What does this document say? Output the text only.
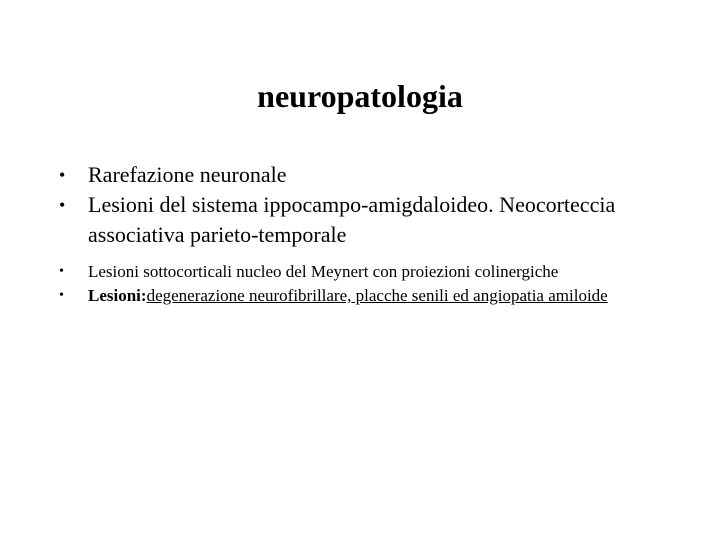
neuropatologia
• Rarefazione neuronale
• Lesioni del sistema ippocampo-amigdaloideo. Neocorteccia associativa parieto-temporale
• Lesioni sottocorticali nucleo del Meynert con proiezioni colinergiche
• Lesioni:degenerazione neurofibrillare, placche senili ed angiopatia amiloide
